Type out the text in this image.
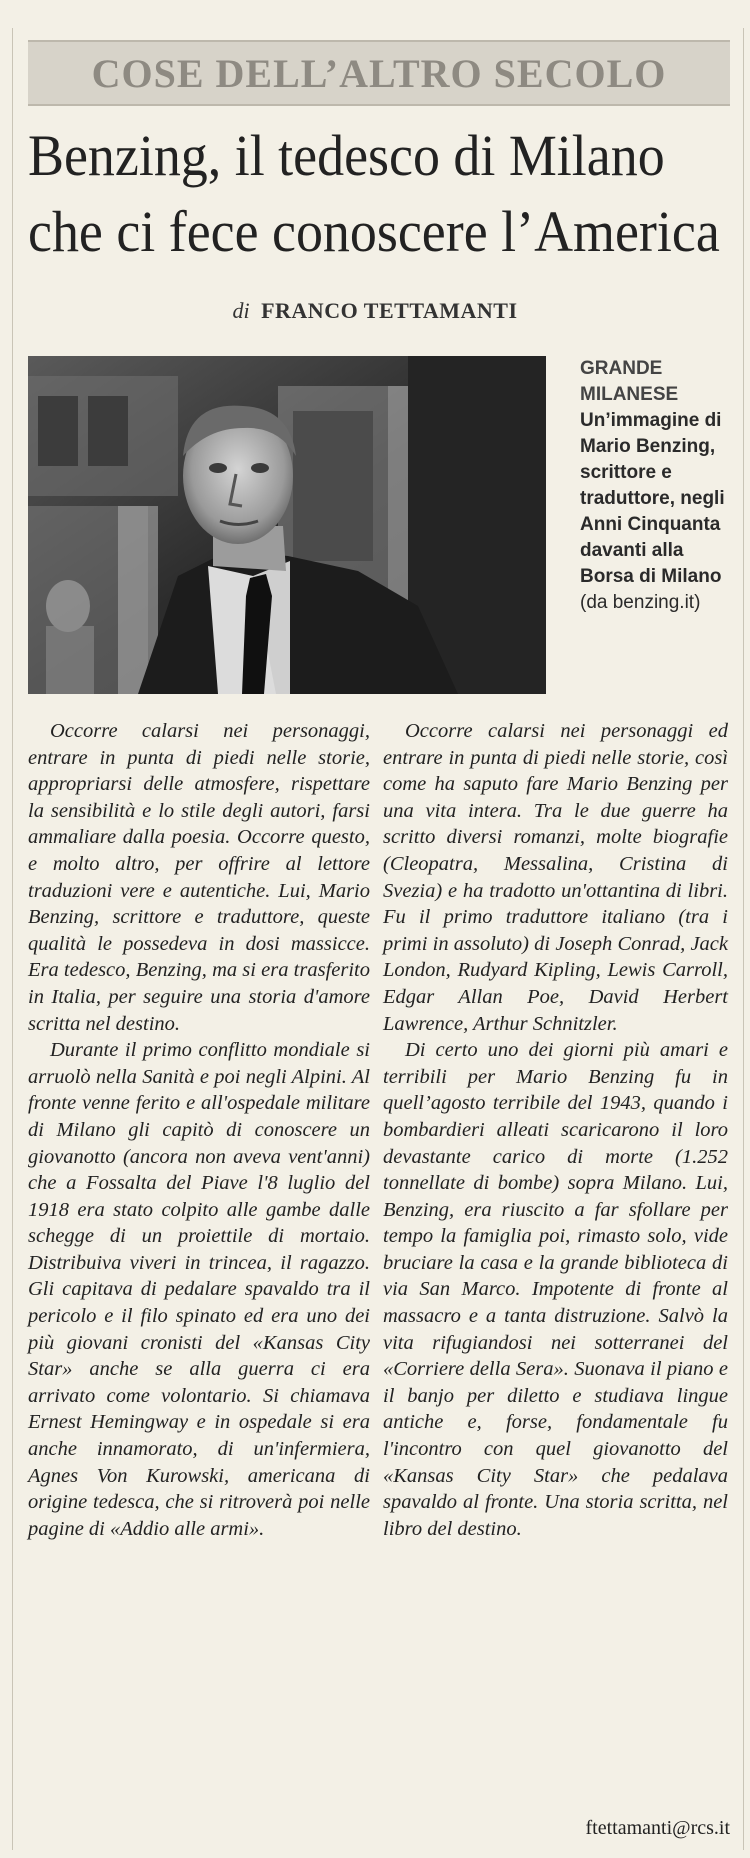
COSE DELL’ALTRO SECOLO
Benzing, il tedesco di Milano
che ci fece conoscere l’America
di FRANCO TETTAMANTI
GRANDE
MILANESE
Un’immagine di Mario Benzing, scrittore e traduttore, negli Anni Cinquanta davanti alla Borsa di Milano
(da benzing.it)

Occorre calarsi nei personaggi, entrare in punta di piedi nelle storie, appropriarsi delle atmosfere, rispettare la sensibilità e lo stile degli autori, farsi ammaliare dalla poesia. Occorre questo, e molto altro, per offrire al lettore traduzioni vere e autentiche. Lui, Mario Benzing, scrittore e traduttore, queste qualità le possedeva in dosi massicce. Era tedesco, Benzing, ma si era trasferito in Italia, per seguire una storia d'amore scritta nel destino.

Durante il primo conflitto mondiale si arruolò nella Sanità e poi negli Alpini. Al fronte venne ferito e all'ospedale militare di Milano gli capitò di conoscere un giovanotto (ancora non aveva vent'anni) che a Fossalta del Piave l'8 luglio del 1918 era stato colpito alle gambe dalle schegge di un proiettile di mortaio. Distribuiva viveri in trincea, il ragazzo. Gli capitava di pedalare spavaldo tra il pericolo e il filo spinato ed era uno dei più giovani cronisti del «Kansas City Star» anche se alla guerra ci era arrivato come volontario. Si chiamava Ernest Hemingway e in ospedale si era anche innamorato, di un'infermiera, Agnes Von Kurowski, americana di origine tedesca, che si ritroverà poi nelle pagine di «Addio alle armi».

Occorre calarsi nei personaggi ed entrare in punta di piedi nelle storie, così come ha saputo fare Mario Benzing per una vita intera. Tra le due guerre ha scritto diversi romanzi, molte biografie (Cleopatra, Messalina, Cristina di Svezia) e ha tradotto un'ottantina di libri. Fu il primo traduttore italiano (tra i primi in assoluto) di Joseph Conrad, Jack London, Rudyard Kipling, Lewis Carroll, Edgar Allan Poe, David Herbert Lawrence, Arthur Schnitzler.

Di certo uno dei giorni più amari e terribili per Mario Benzing fu in quell’agosto terribile del 1943, quando i bombardieri alleati scaricarono il loro devastante carico di morte (1.252 tonnellate di bombe) sopra Milano. Lui, Benzing, era riuscito a far sfollare per tempo la famiglia poi, rimasto solo, vide bruciare la casa e la grande biblioteca di via San Marco. Impotente di fronte al massacro e a tanta distruzione. Salvò la vita rifugiandosi nei sotterranei del «Corriere della Sera». Suonava il piano e il banjo per diletto e studiava lingue antiche e, forse, fondamentale fu l'incontro con quel giovanotto del «Kansas City Star» che pedalava spavaldo al fronte. Una storia scritta, nel libro del destino.

ftettamanti@rcs.it
